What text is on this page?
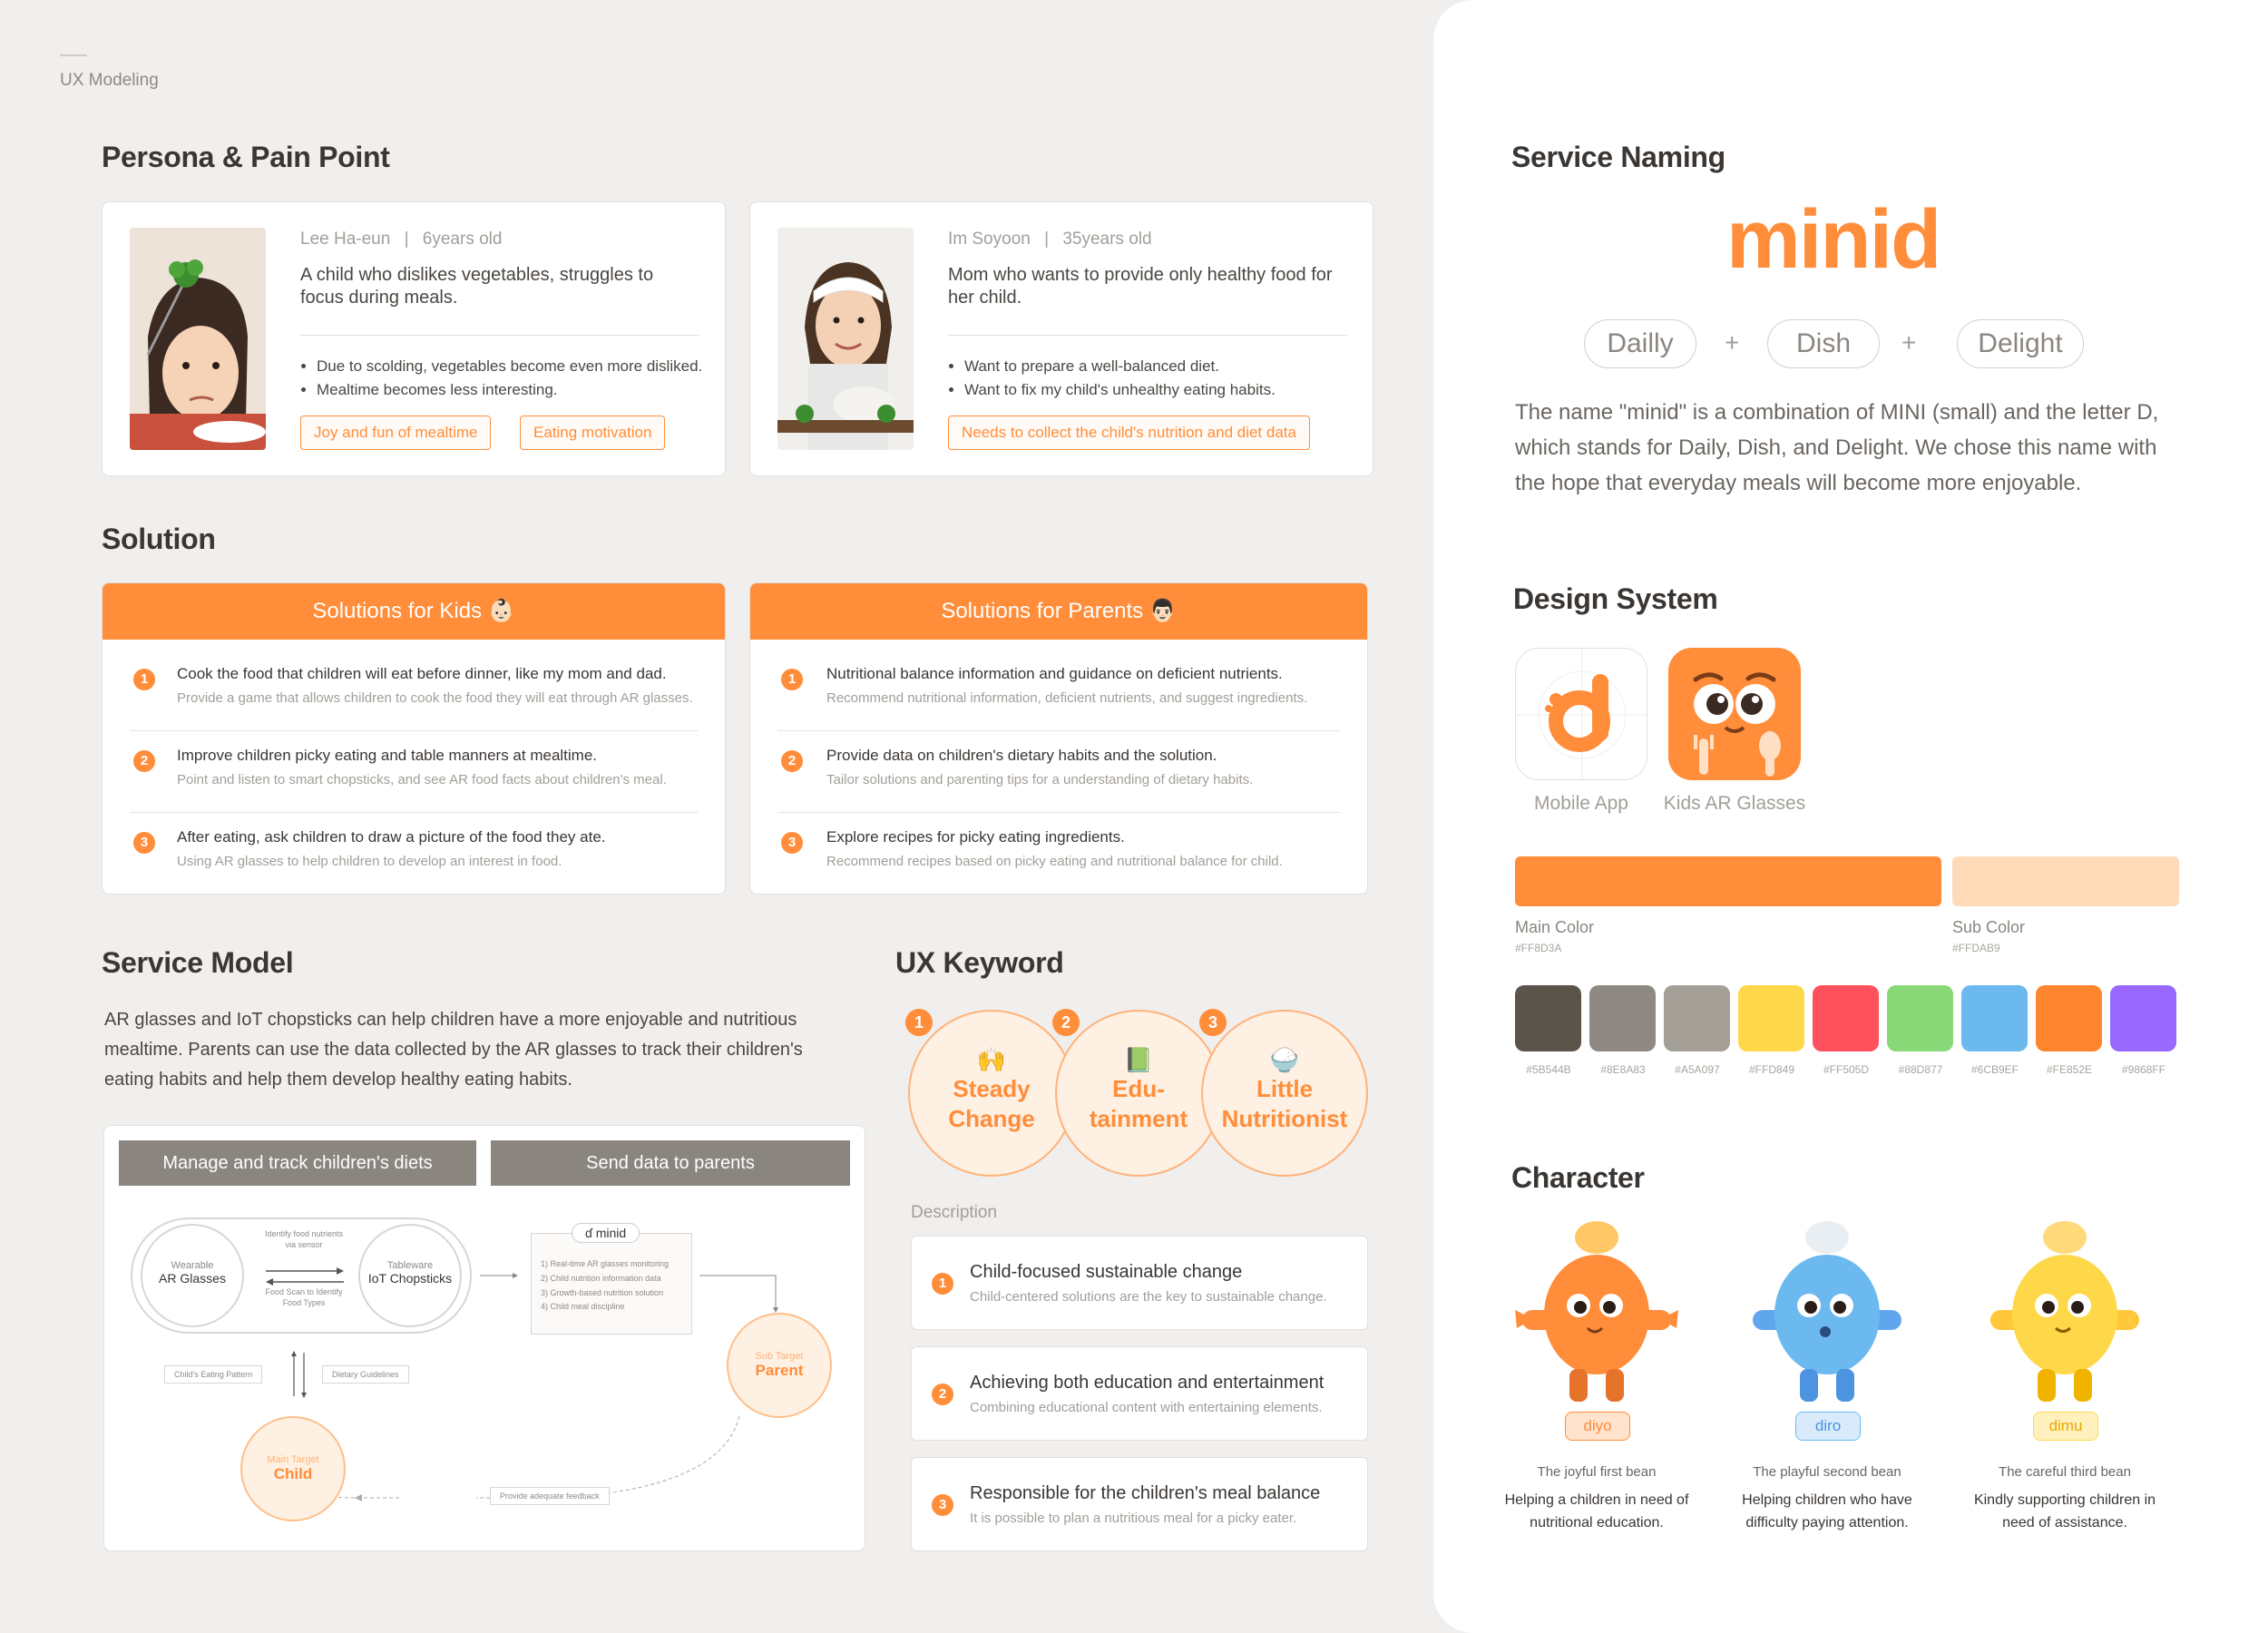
UX Modeling
Persona & Pain Point
Lee Ha-eun | 6years old
A child who dislikes vegetables, struggles to focus during meals.
• Due to scolding, vegetables become even more disliked.
• Mealtime becomes less interesting.
Joy and fun of mealtime	Eating motivation
Im Soyoon | 35years old
Mom who wants to provide only healthy food for her child.
• Want to prepare a well-balanced diet.
• Want to fix my child's unhealthy eating habits.
Needs to collect the child's nutrition and diet data
Solution
Solutions for Kids 👶🏻
1	Cook the food that children will eat before dinner, like my mom and dad.
Provide a game that allows children to cook the food they will eat through AR glasses.
2	Improve children picky eating and table manners at mealtime.
Point and listen to smart chopsticks, and see AR food facts about children's meal.
3	After eating, ask children to draw a picture of the food they ate.
Using AR glasses to help children to develop an interest in food.
Solutions for Parents 👨🏻
1	Nutritional balance information and guidance on deficient nutrients.
Recommend nutritional information, deficient nutrients, and suggest ingredients.
2	Provide data on children's dietary habits and the solution.
Tailor solutions and parenting tips for a understanding of dietary habits.
3	Explore recipes for picky eating ingredients.
Recommend recipes based on picky eating and nutritional balance for child.
Service Model
AR glasses and IoT chopsticks can help children have a more enjoyable and nutritious mealtime. Parents can use the data collected by the AR glasses to track their children's eating habits and help them develop healthy eating habits.
Manage and track children's diets	Send data to parents
Wearable
AR Glasses
Tableware
IoT Chopsticks
Identify food nutrients via sensor
Food Scan to Identify Food Types
ɗ minid
1) Real-time AR glasses monitoring
2) Child nutrition information data
3) Growth-based nutrition solution
4) Child meal discipline
Child's Eating Pattern	Dietary Guidelines
Sub Target
Parent
Main Target
Child
Provide adequate feedback
UX Keyword
🙌
Steady
Change
📗
Edu-
tainment
🍚
Little
Nutritionist
1	2	3
Description
1
Child-focused sustainable change
Child-centered solutions are the key to sustainable change.
2
Achieving both education and entertainment
Combining educational content with entertaining elements.
3
Responsible for the children's meal balance
It is possible to plan a nutritious meal for a picky eater.
Service Naming
minid
Dailly	+	Dish	+	Delight
The name "minid" is a combination of MINI (small) and the letter D, which stands for Daily, Dish, and Delight. We chose this name with the hope that everyday meals will become more enjoyable.
Design System
Mobile App	Kids AR Glasses
Main Color
#FF8D3A
Sub Color
#FFDAB9
#5B544B	#8E8A83	#A5A097	#FFD849	#FF505D	#88D877	#6CB9EF	#FE852E	#9868FF
Character
diyo	diro	dimu
The joyful first bean	The playful second bean	The careful third bean
Helping a children in need of nutritional education.
Helping children who have difficulty paying attention.
Kindly supporting children in need of assistance.
